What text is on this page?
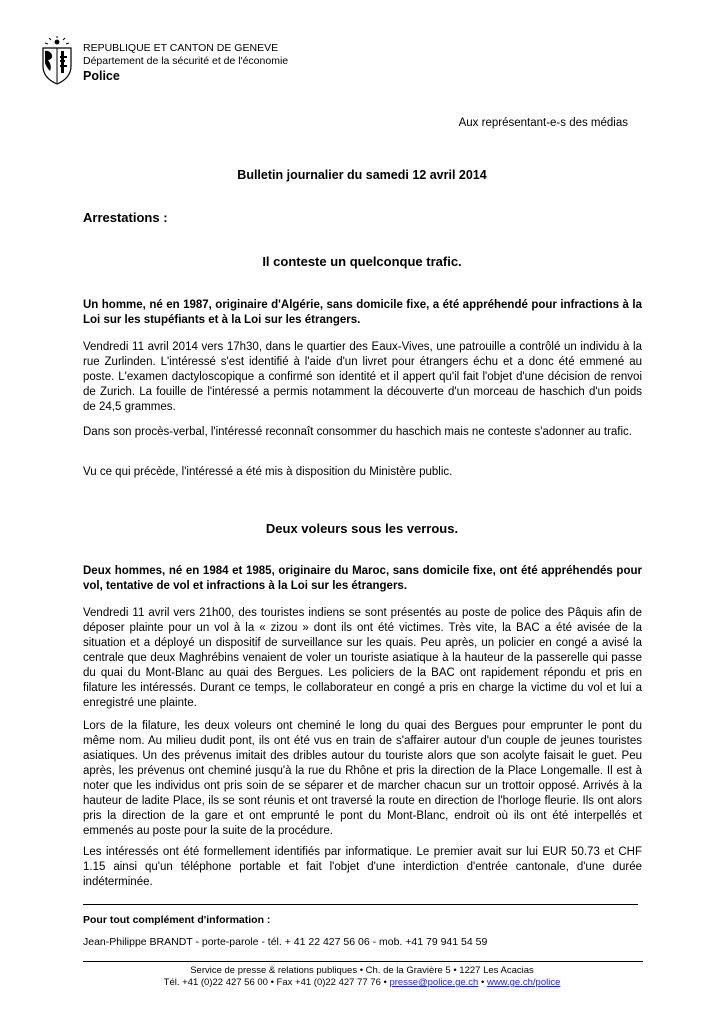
REPUBLIQUE ET CANTON DE GENEVE
Département de la sécurité et de l'économie
Police
Aux représentant-e-s des médias
Bulletin journalier du samedi 12 avril 2014
Arrestations :
Il conteste un quelconque trafic.

Un homme, né en 1987, originaire d'Algérie, sans domicile fixe, a été appréhendé pour infractions à la Loi sur les stupéfiants et à la Loi sur les étrangers.

Vendredi 11 avril 2014 vers 17h30, dans le quartier des Eaux-Vives, une patrouille a contrôlé un individu à la rue Zurlinden. L'intéressé s'est identifié à l'aide d'un livret pour étrangers échu et a donc été emmené au poste. L'examen dactyloscopique a confirmé son identité et il appert qu'il fait l'objet d'une décision de renvoi de Zurich. La fouille de l'intéressé a permis notamment la découverte d'un morceau de haschich d'un poids de 24,5 grammes.

Dans son procès-verbal, l'intéressé reconnaît consommer du haschich mais ne conteste s'adonner au trafic.

Vu ce qui précède, l'intéressé a été mis à disposition du Ministère public.

Deux voleurs sous les verrous.

Deux hommes, né en 1984 et 1985, originaire du Maroc, sans domicile fixe, ont été appréhendés pour vol, tentative de vol et infractions à la Loi sur les étrangers.

Vendredi 11 avril vers 21h00, des touristes indiens se sont présentés au poste de police des Pâquis afin de déposer plainte pour un vol à la « zizou » dont ils ont été victimes. Très vite, la BAC a été avisée de la situation et a déployé un dispositif de surveillance sur les quais. Peu après, un policier en congé a avisé la centrale que deux Maghrébins venaient de voler un touriste asiatique à la hauteur de la passerelle qui passe du quai du Mont-Blanc au quai des Bergues. Les policiers de la BAC ont rapidement répondu et pris en filature les intéressés. Durant ce temps, le collaborateur en congé a pris en charge la victime du vol et lui a enregistré une plainte.

Lors de la filature, les deux voleurs ont cheminé le long du quai des Bergues pour emprunter le pont du même nom. Au milieu dudit pont, ils ont été vus en train de s'affairer autour d'un couple de jeunes touristes asiatiques. Un des prévenus imitait des dribles autour du touriste alors que son acolyte faisait le guet. Peu après, les prévenus ont cheminé jusqu'à la rue du Rhône et pris la direction de la Place Longemalle. Il est à noter que les individus ont pris soin de se séparer et de marcher chacun sur un trottoir opposé. Arrivés à la hauteur de ladite Place, ils se sont réunis et ont traversé la route en direction de l'horloge fleurie. Ils ont alors pris la direction de la gare et ont emprunté le pont du Mont-Blanc, endroit où ils ont été interpellés et emmenés au poste pour la suite de la procédure.

Les intéressés ont été formellement identifiés par informatique. Le premier avait sur lui EUR 50.73 et CHF 1.15 ainsi qu'un téléphone portable et fait l'objet d'une interdiction d'entrée cantonale, d'une durée indéterminée.

Pour tout complément d'information :
Jean-Philippe BRANDT - porte-parole - tél. + 41 22 427 56 06 - mob. +41 79 941 54 59
Service de presse & relations publiques • Ch. de la Gravière 5 • 1227 Les Acacias
Tél. +41 (0)22 427 56 00 • Fax +41 (0)22 427 77 76 • presse@police.ge.ch • www.ge.ch/police
